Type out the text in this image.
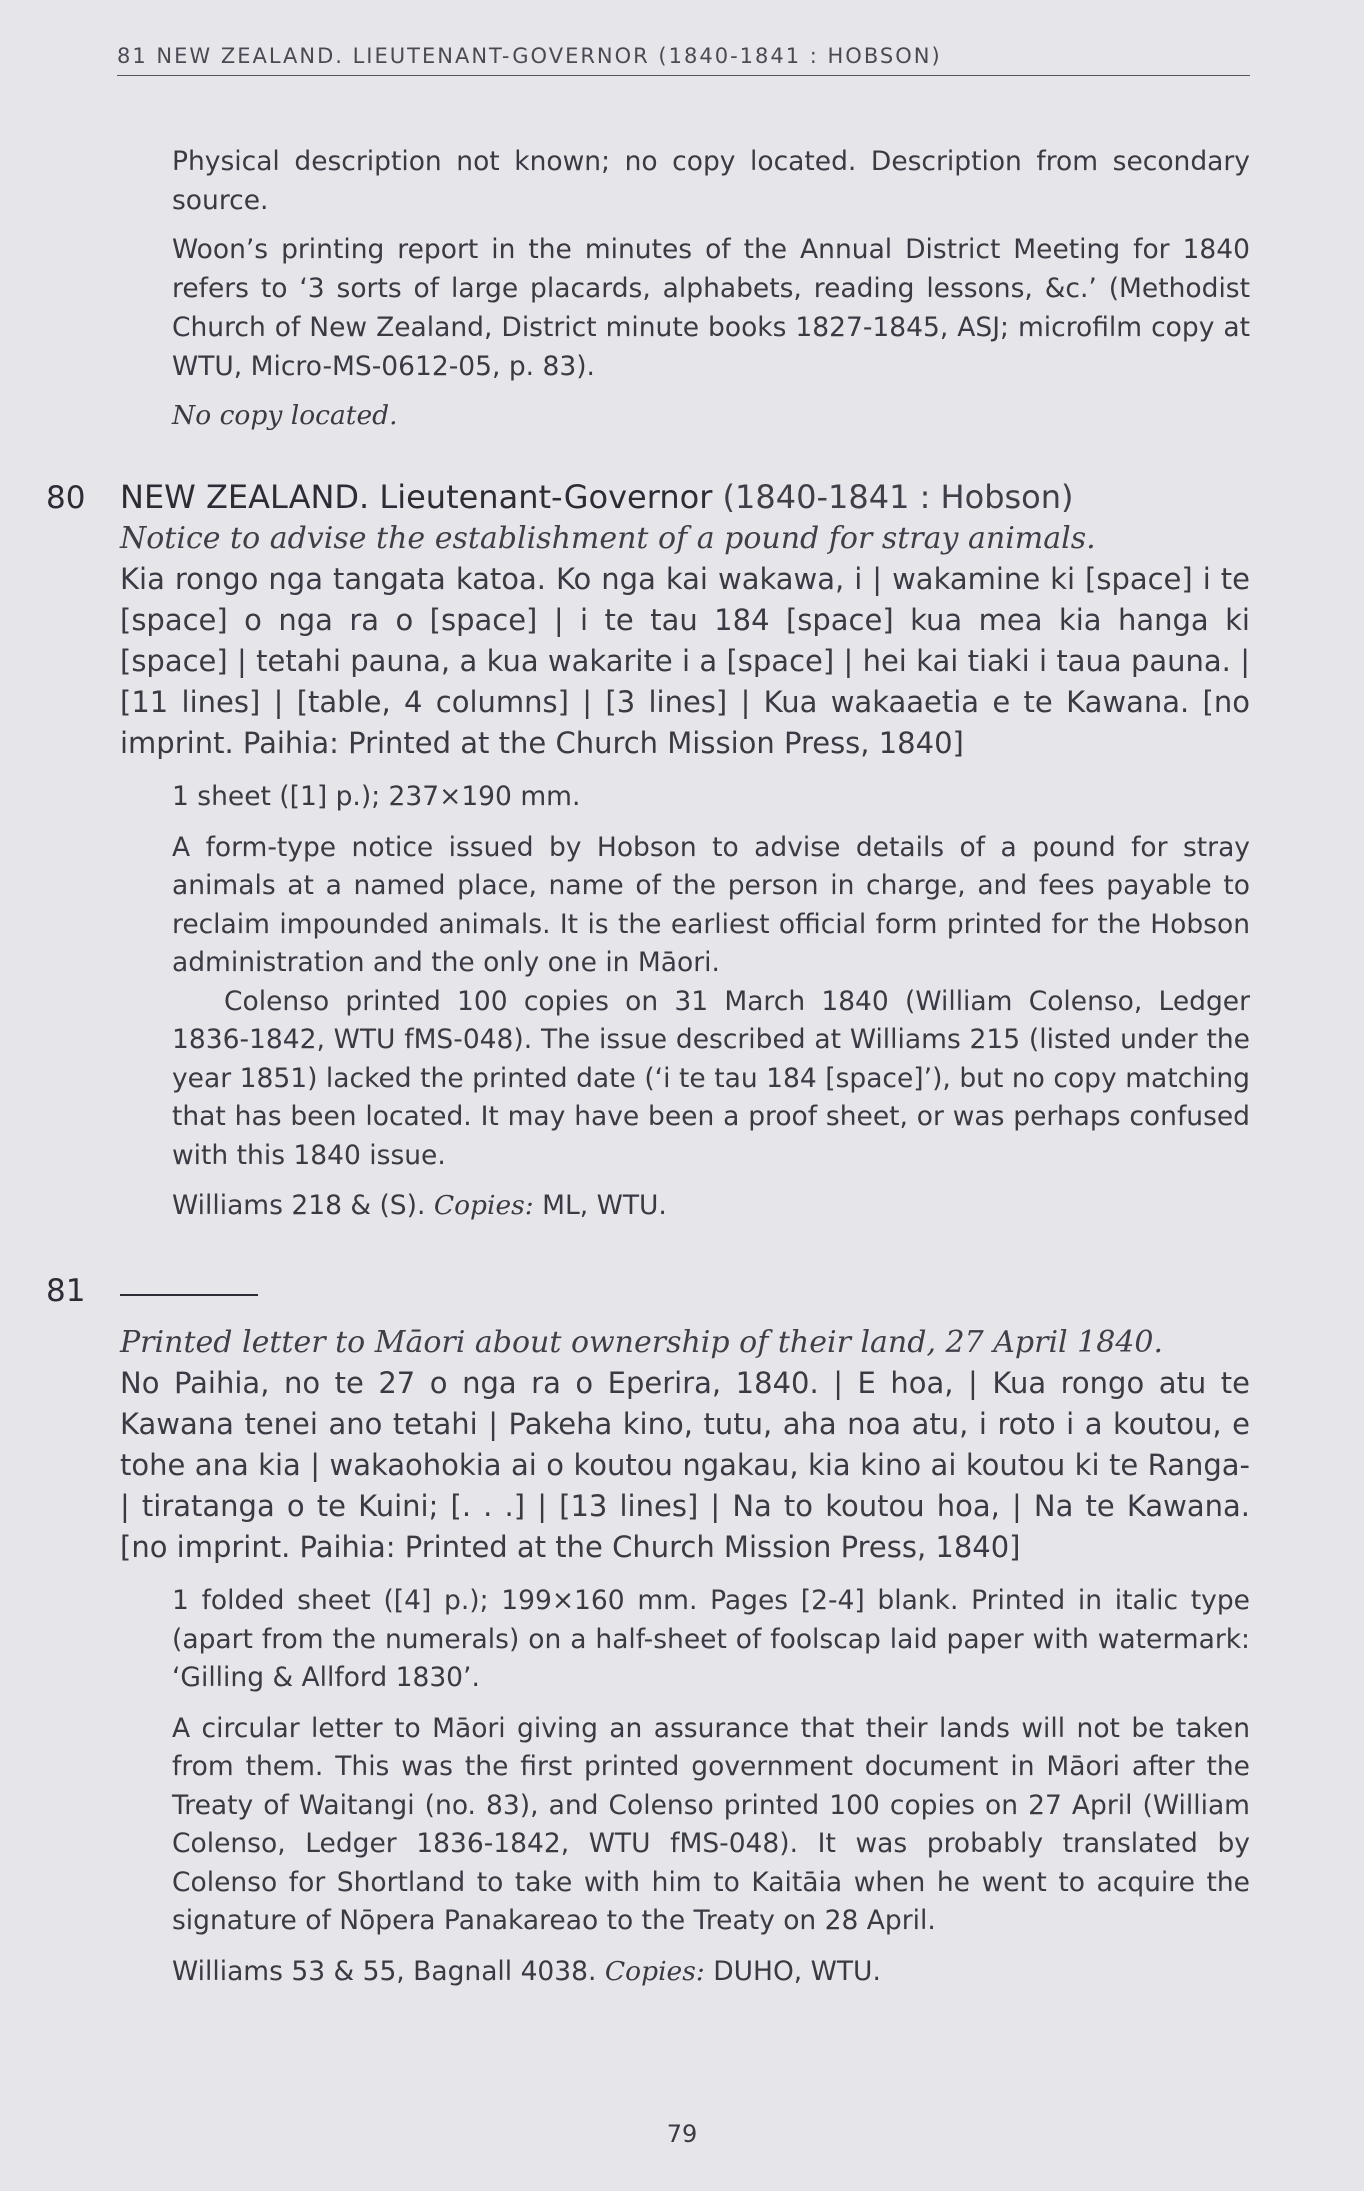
81 NEW ZEALAND. LIEUTENANT-GOVERNOR (1840-1841 : HOBSON)

Physical description not known; no copy located. Description from secondary source.

Woon’s printing report in the minutes of the Annual District Meeting for 1840 refers to ‘3 sorts of large placards, alphabets, reading lessons, &c.’ (Methodist Church of New Zealand, District minute books 1827-1845, ASJ; microfilm copy at WTU, Micro-MS-0612-05, p. 83).

No copy located.

80 NEW ZEALAND. Lieutenant-Governor (1840-1841 : Hobson)
Notice to advise the establishment of a pound for stray animals.
Kia rongo nga tangata katoa. Ko nga kai wakawa, i | wakamine ki [space] i te [space] o nga ra o [space] | i te tau 184 [space] kua mea kia hanga ki [space] | tetahi pauna, a kua wakarite i a [space] | hei kai tiaki i taua pauna. | [11 lines] | [table, 4 columns] | [3 lines] | Kua wakaaetia e te Kawana. [no imprint. Paihia: Printed at the Church Mission Press, 1840]

1 sheet ([1] p.); 237×190 mm.

A form-type notice issued by Hobson to advise details of a pound for stray animals at a named place, name of the person in charge, and fees payable to reclaim impounded animals. It is the earliest official form printed for the Hobson administration and the only one in Māori.

Colenso printed 100 copies on 31 March 1840 (William Colenso, Ledger 1836-1842, WTU fMS-048). The issue described at Williams 215 (listed under the year 1851) lacked the printed date (‘i te tau 184 [space]’), but no copy matching that has been located. It may have been a proof sheet, or was perhaps confused with this 1840 issue.

Williams 218 & (S). Copies: ML, WTU.

81
Printed letter to Māori about ownership of their land, 27 April 1840.
No Paihia, no te 27 o nga ra o Eperira, 1840. | E hoa, | Kua rongo atu te Kawana tenei ano tetahi | Pakeha kino, tutu, aha noa atu, i roto i a koutou, e tohe ana kia | wakaohokia ai o koutou ngakau, kia kino ai koutou ki te Ranga- | tiratanga o te Kuini; [. . .] | [13 lines] | Na to koutou hoa, | Na te Kawana. [no imprint. Paihia: Printed at the Church Mission Press, 1840]

1 folded sheet ([4] p.); 199×160 mm. Pages [2-4] blank. Printed in italic type (apart from the numerals) on a half-sheet of foolscap laid paper with watermark: ‘Gilling & Allford 1830’.

A circular letter to Māori giving an assurance that their lands will not be taken from them. This was the first printed government document in Māori after the Treaty of Waitangi (no. 83), and Colenso printed 100 copies on 27 April (William Colenso, Ledger 1836-1842, WTU fMS-048). It was probably translated by Colenso for Shortland to take with him to Kaitāia when he went to acquire the signature of Nōpera Panakareao to the Treaty on 28 April.

Williams 53 & 55, Bagnall 4038. Copies: DUHO, WTU.

79
